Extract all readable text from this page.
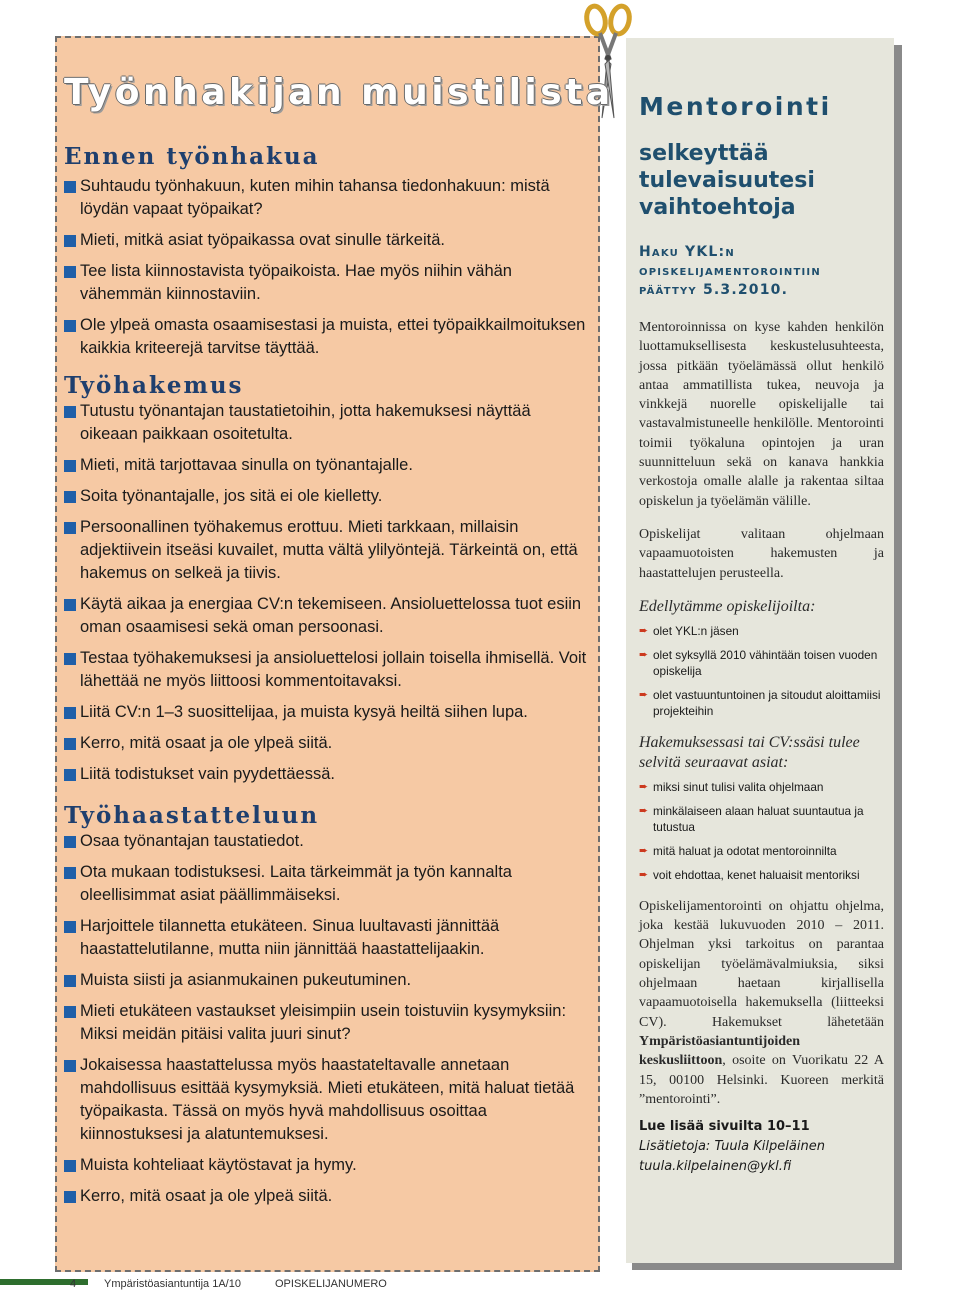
Työnhakijan muistilista
Ennen työnhakua
Suhtaudu työnhakuun, kuten mihin tahansa tiedonhakuun: mistä löydän vapaat työpaikat?
Mieti, mitkä asiat työpaikassa ovat sinulle tärkeitä.
Tee lista kiinnostavista työpaikoista. Hae myös niihin vähän vähemmän kiinnostaviin.
Ole ylpeä omasta osaamisestasi ja muista, ettei työpaikkailmoituksen kaikkia kriteerejä tarvitse täyttää.
Työhakemus
Tutustu työnantajan taustatietoihin, jotta hakemuksesi näyttää oikeaan paikkaan osoitetulta.
Mieti, mitä tarjottavaa sinulla on työnantajalle.
Soita työnantajalle, jos sitä ei ole kielletty.
Persoonallinen työhakemus erottuu. Mieti tarkkaan, millaisin adjektiivein itseäsi kuvailet, mutta vältä ylilyöntejä. Tärkeintä on, että hakemus on selkeä ja tiivis.
Käytä aikaa ja energiaa CV:n tekemiseen. Ansioluettelossa tuot esiin oman osaamisesi sekä oman persoonasi.
Testaa työhakemuksesi ja ansioluettelosi jollain toisella ihmisellä. Voit lähettää ne myös liittoosi kommentoitavaksi.
Liitä CV:n 1–3 suosittelijaa, ja muista kysyä heiltä siihen lupa.
Kerro, mitä osaat ja ole ylpeä siitä.
Liitä todistukset vain pyydettäessä.
Työhaastatteluun
Osaa työnantajan taustatiedot.
Ota mukaan todistuksesi. Laita tärkeimmät ja työn kannalta oleellisimmat asiat päällimmäiseksi.
Harjoittele tilannetta etukäteen. Sinua luultavasti jännittää haastattelutilanne, mutta niin jännittää haastattelijaakin.
Muista siisti ja asianmukainen pukeutuminen.
Mieti etukäteen vastaukset yleisimpiin usein toistuviin kysymyksiin: Miksi meidän pitäisi valita juuri sinut?
Jokaisessa haastattelussa myös haastateltavalle annetaan mahdollisuus esittää kysymyksiä. Mieti etukäteen, mitä haluat tietää työpaikasta. Tässä on myös hyvä mahdollisuus osoittaa kiinnostuksesi ja alatuntemuksesi.
Muista kohteliaat käytöstavat ja hymy.
Kerro, mitä osaat ja ole ylpeä siitä.
Mentorointi

selkeyttää
tulevaisuutesi
vaihtoehtoja

Haku YKL:n opiskelijamentorointiin päättyy 5.3.2010.

Mentoroinnissa on kyse kahden henkilön luottamuksellisesta keskustelusuhteesta, jossa pitkään työelämässä ollut henkilö antaa ammatillista tukea, neuvoja ja vinkkejä nuorelle opiskelijalle tai vastavalmistuneelle henkilölle. Mentorointi toimii työkaluna opintojen ja uran suunnitteluun sekä on kanava hankkia verkostoja omalle alalle ja rakentaa siltaa opiskelun ja työelämän välille.

Opiskelijat valitaan ohjelmaan vapaamuotoisten hakemusten ja haastattelujen perusteella.

Edellytämme opiskelijoilta:

➨ olet YKL:n jäsen
➨ olet syksyllä 2010 vähintään toisen vuoden opiskelija
➨ olet vastuuntuntoinen ja sitoudut aloittamiisi projekteihin

Hakemuksessasi tai CV:ssäsi tulee selvitä seuraavat asiat:

➨ miksi sinut tulisi valita ohjelmaan
➨ minkälaiseen alaan haluat suuntautua ja tutustua
➨ mitä haluat ja odotat mentoroinnilta
➨ voit ehdottaa, kenet haluaisit mentoriksi

Opiskelijamentorointi on ohjattu ohjelma, joka kestää lukuvuoden 2010 – 2011. Ohjelman yksi tarkoitus on parantaa opiskelijan työelämävalmiuksia, siksi ohjelmaan haetaan kirjallisella vapaamuotoisella hakemuksella (liitteeksi CV). Hakemukset lähetetään Ympäristöasiantuntijoiden keskusliittoon, osoite on Vuorikatu 22 A 15, 00100 Helsinki. Kuoreen merkitä ”mentorointi”.

Lue lisää sivuilta 10–11

Lisätietoja: Tuula Kilpeläinen

tuula.kilpelainen@ykl.fi

4	Ympäristöasiantuntija 1A/10	OPISKELIJANUMERO
